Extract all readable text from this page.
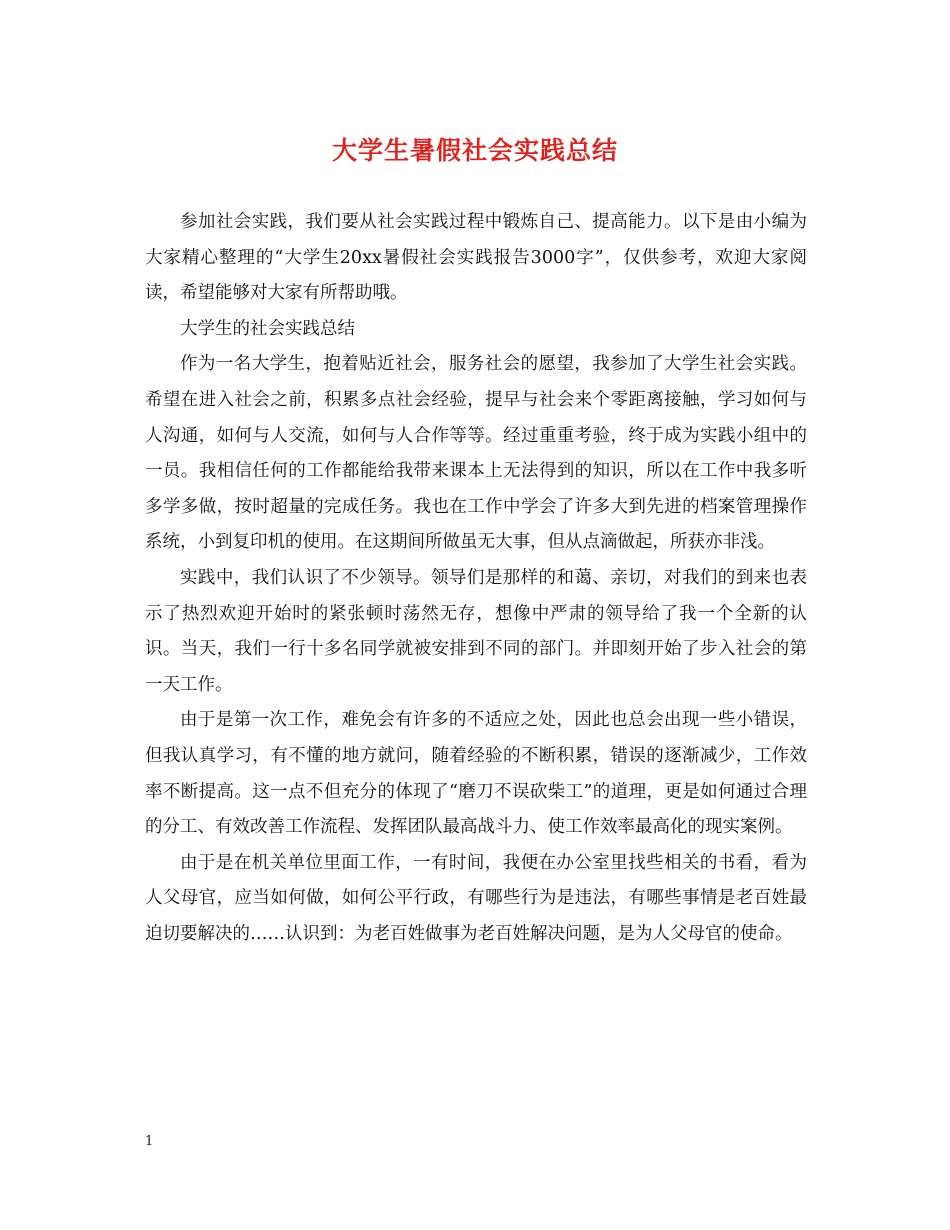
大学生暑假社会实践总结

参加社会实践，我们要从社会实践过程中锻炼自己、提高能力。以下是由小编为大家精心整理的“大学生20xx暑假社会实践报告3000字”，仅供参考，欢迎大家阅读，希望能够对大家有所帮助哦。

大学生的社会实践总结

作为一名大学生，抱着贴近社会，服务社会的愿望，我参加了大学生社会实践。希望在进入社会之前，积累多点社会经验，提早与社会来个零距离接触，学习如何与人沟通，如何与人交流，如何与人合作等等。经过重重考验，终于成为实践小组中的一员。我相信任何的工作都能给我带来课本上无法得到的知识，所以在工作中我多听多学多做，按时超量的完成任务。我也在工作中学会了许多大到先进的档案管理操作系统，小到复印机的使用。在这期间所做虽无大事，但从点滴做起，所获亦非浅。

实践中，我们认识了不少领导。领导们是那样的和蔼、亲切，对我们的到来也表示了热烈欢迎开始时的紧张顿时荡然无存，想像中严肃的领导给了我一个全新的认识。当天，我们一行十多名同学就被安排到不同的部门。并即刻开始了步入社会的第一天工作。

由于是第一次工作，难免会有许多的不适应之处，因此也总会出现一些小错误，但我认真学习，有不懂的地方就问，随着经验的不断积累，错误的逐渐减少，工作效率不断提高。这一点不但充分的体现了“磨刀不误砍柴工”的道理，更是如何通过合理的分工、有效改善工作流程、发挥团队最高战斗力、使工作效率最高化的现实案例。

由于是在机关单位里面工作，一有时间，我便在办公室里找些相关的书看，看为人父母官，应当如何做，如何公平行政，有哪些行为是违法，有哪些事情是老百姓最迫切要解决的……认识到：为老百姓做事为老百姓解决问题，是为人父母官的使命。

1
